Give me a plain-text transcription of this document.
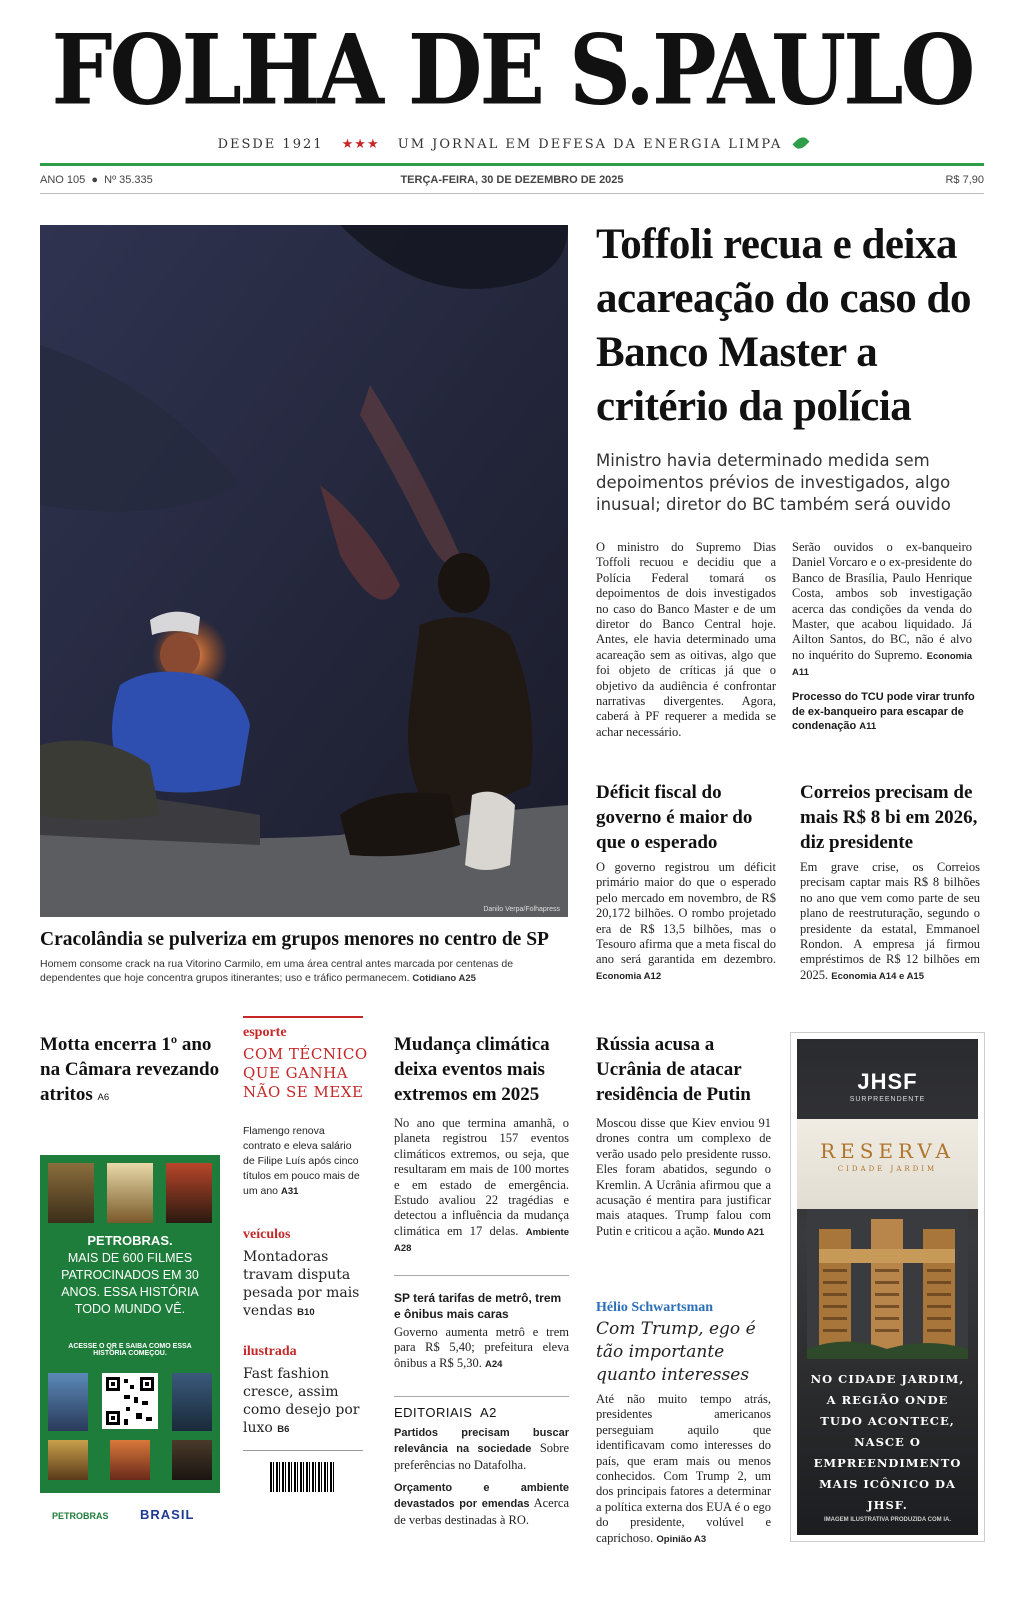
FOLHA DE S.PAULO
DESDE 1921 ★★★ UM JORNAL EM DEFESA DA ENERGIA LIMPA
ANO 105  ●  Nº 35.335	TERÇA-FEIRA, 30 DE DEZEMBRO DE 2025	R$ 7,90
Danilo Verpa/Folhapress
Cracolândia se pulveriza em grupos menores no centro de SP
Homem consome crack na rua Vitorino Carmilo, em uma área central antes marcada por centenas de dependentes que hoje concentra grupos itinerantes; uso e tráfico permanecem. Cotidiano A25
Toffoli recua e deixa acareação do caso do Banco Master a critério da polícia
Ministro havia determinado medida sem depoimentos prévios de investigados, algo inusual; diretor do BC também será ouvido
O ministro do Supremo Dias Toffoli recuou e decidiu que a Polícia Federal tomará os depoimentos de dois investigados no caso do Banco Master e de um diretor do Banco Central hoje. Antes, ele havia determinado uma acareação sem as oitivas, algo que foi objeto de críticas já que o objetivo da audiência é confrontar narrativas divergentes. Agora, caberá à PF requerer a medida se achar necessário.
Serão ouvidos o ex-banqueiro Daniel Vorcaro e o ex-presidente do Banco de Brasília, Paulo Henrique Costa, ambos sob investigação acerca das condições da venda do Master, que acabou liquidado. Já Ailton Santos, do BC, não é alvo no inquérito do Supremo. Economia A11
Processo do TCU pode virar trunfo de ex-banqueiro para escapar de condenação A11
Déficit fiscal do governo é maior do que o esperado
O governo registrou um déficit primário maior do que o esperado pelo mercado em novembro, de R$ 20,172 bilhões. O rombo projetado era de R$ 13,5 bilhões, mas o Tesouro afirma que a meta fiscal do ano será garantida em dezembro. Economia A12
Correios precisam de mais R$ 8 bi em 2026, diz presidente
Em grave crise, os Correios precisam captar mais R$ 8 bilhões no ano que vem como parte de seu plano de reestruturação, segundo o presidente da estatal, Emmanoel Rondon. A empresa já firmou empréstimos de R$ 12 bilhões em 2025. Economia A14 e A15
Motta encerra 1º ano na Câmara revezando atritos A6
PETROBRAS.
MAIS DE 600 FILMES PATROCINADOS EM 30 ANOS. ESSA HISTÓRIA TODO MUNDO VÊ.
ACESSE O QR E SAIBA COMO ESSA HISTÓRIA COMEÇOU.
PETROBRAS BRASIL
esporte
COM TÉCNICO QUE GANHA NÃO SE MEXE
Flamengo renova contrato e eleva salário de Filipe Luís após cinco títulos em pouco mais de um ano A31
veículos
Montadoras travam disputa pesada por mais vendas B10
ilustrada
Fast fashion cresce, assim como desejo por luxo B6
Mudança climática deixa eventos mais extremos em 2025
No ano que termina amanhã, o planeta registrou 157 eventos climáticos extremos, ou seja, que resultaram em mais de 100 mortes e em estado de emergência. Estudo avaliou 22 tragédias e detectou a influência da mudança climática em 17 delas. Ambiente A28
SP terá tarifas de metrô, trem e ônibus mais caras
Governo aumenta metrô e trem para R$ 5,40; prefeitura eleva ônibus a R$ 5,30. A24
EDITORIAIS A2
Partidos precisam buscar relevância na sociedade Sobre preferências no Datafolha.
Orçamento e ambiente devastados por emendas Acerca de verbas destinadas à RO.
Rússia acusa a Ucrânia de atacar residência de Putin
Moscou disse que Kiev enviou 91 drones contra um complexo de verão usado pelo presidente russo. Eles foram abatidos, segundo o Kremlin. A Ucrânia afirmou que a acusação é mentira para justificar mais ataques. Trump falou com Putin e criticou a ação. Mundo A21
Hélio Schwartsman
Com Trump, ego é tão importante quanto interesses
Até não muito tempo atrás, presidentes americanos perseguiam aquilo que identificavam como interesses do país, que eram mais ou menos conhecidos. Com Trump 2, um dos principais fatores a determinar a política externa dos EUA é o ego do presidente, volúvel e caprichoso. Opinião A3
JHSF
SURPREENDENTE
RESERVA
CIDADE JARDIM
NO CIDADE JARDIM, A REGIÃO ONDE TUDO ACONTECE, NASCE O EMPREENDIMENTO MAIS ICÔNICO DA JHSF.
IMAGEM ILUSTRATIVA PRODUZIDA COM IA.
